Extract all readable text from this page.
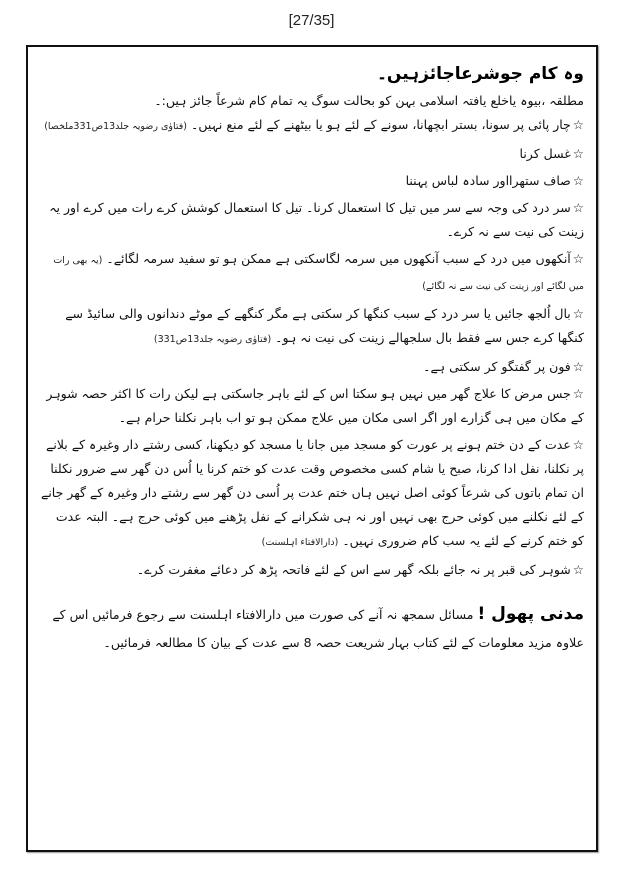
[27/35]

وہ کام جوشرعاجائزہیں۔

مطلقہ ،بیوہ یاخلع یافتہ اسلامی بہن کو بحالت سوگ یہ تمام کام شرعاً جائز ہیں:۔

☆چار پائی پر سونا، بستر ابچھانا، سونے کے لئے ہو یا بیٹھنے کے لئے منع نہیں۔ (فتاوٰی رضویہ جلد13ص331ملخصا)

☆غسل کرنا

☆صاف ستھرااور سادہ لباس پہننا

☆سر درد کی وجہ سے سر میں تیل کا استعمال کرنا۔ تیل کا استعمال کوشش کرے رات میں کرے اور یہ زینت کی نیت سے نہ کرے۔

☆آنکھوں میں درد کے سبب آنکھوں میں سرمہ لگاسکتی ہے ممکن ہو تو سفید سرمہ لگائے۔ (یہ بھی رات میں لگائے اور زینت کی نیت سے نہ لگائے)

☆بال اُلجھ جائیں یا سر درد کے سبب کنگھا کر سکتی ہے مگر کنگھے کے موٹے دندانوں والی سائیڈ سے کنگھا کرے جس سے فقط بال سلجھالے زینت کی نیت نہ ہو۔ (فتاوٰی رضویہ جلد13ص331)

☆فون پر گفتگو کر سکتی ہے۔

☆جس مرض کا علاج گھر میں نہیں ہو سکتا اس کے لئے باہر جاسکتی ہے لیکن رات کا اکثر حصہ شوہر کے مکان میں ہی گزارے اور اگر اسی مکان میں علاج ممکن ہو تو اب باہر نکلنا حرام ہے۔

☆عدت کے دن ختم ہونے پر عورت کو مسجد میں جانا یا مسجد کو دیکھنا، کسی رشتے دار وغیرہ کے بلانے پر نکلنا، نفل ادا کرنا، صبح یا شام کسی مخصوص وقت عدت کو ختم کرنا یا اُس دن گھر سے ضرور نکلنا ان تمام باتوں کی شرعاً کوئی اصل نہیں ہاں ختم عدت پر اُسی دن گھر سے رشتے دار وغیرہ کے گھر جانے کے لئے نکلنے میں کوئی حرج بھی نہیں اور نہ ہی شکرانے کے نفل پڑھنے میں کوئی حرج ہے۔ البتہ عدت کو ختم کرنے کے لئے یہ سب کام ضروری نہیں۔ (دارالافتاء اہلسنت)

☆شوہر کی قبر پر نہ جائے بلکہ گھر سے اس کے لئے فاتحہ پڑھ کر دعائے مغفرت کرے۔

مدنی پھول !مسائل سمجھ نہ آنے کی صورت میں دارالافتاء اہلسنت سے رجوع فرمائیں اس کے علاوہ مزید معلومات کے لئے کتاب بہار شریعت حصہ 8 سے عدت کے بیان کا مطالعہ فرمائیں۔
